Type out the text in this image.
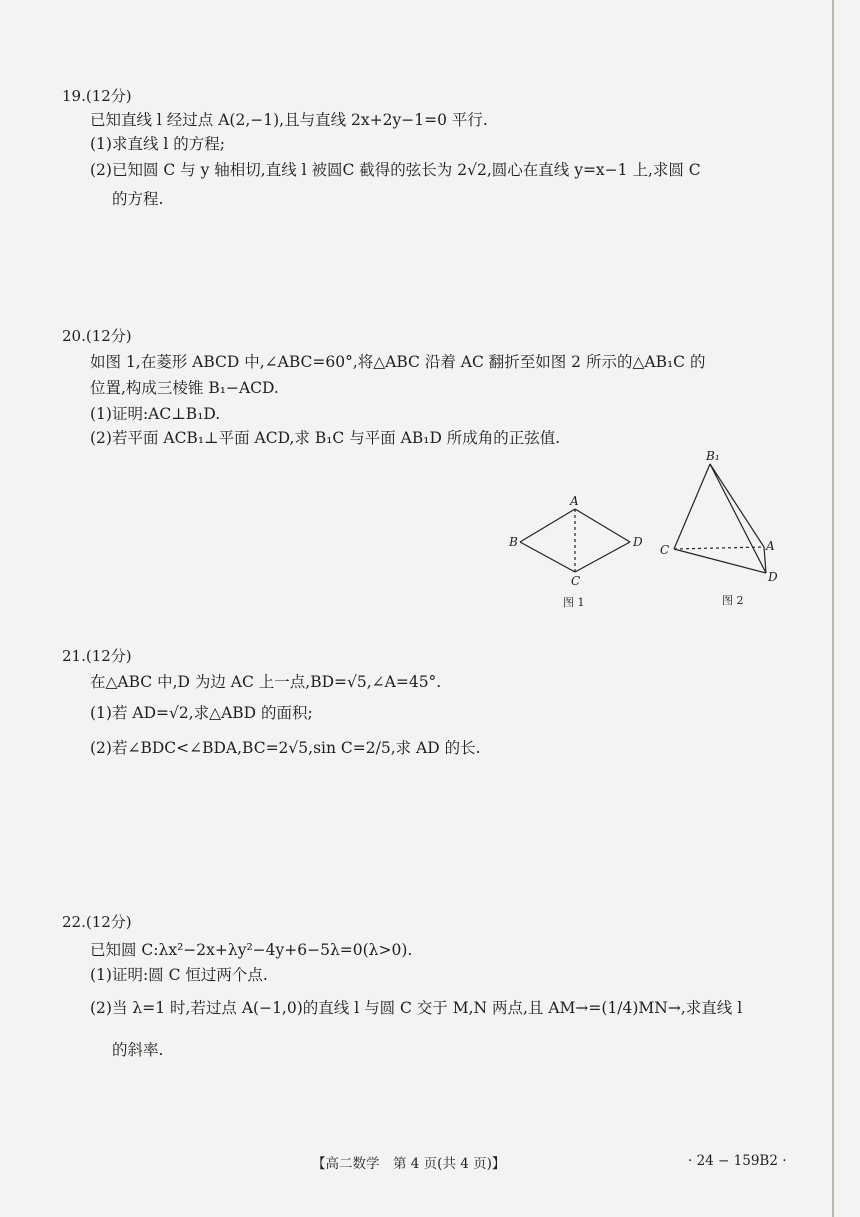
19.(12分)
已知直线 l 经过点 A(2,−1),且与直线 2x+2y−1=0 平行.
(1)求直线 l 的方程;
(2)已知圆 C 与 y 轴相切,直线 l 被圆C 截得的弦长为 2√2,圆心在直线 y=x−1 上,求圆 C
的方程.
20.(12分)
如图 1,在菱形 ABCD 中,∠ABC=60°,将△ABC 沿着 AC 翻折至如图 2 所示的△AB₁C 的
位置,构成三棱锥 B₁−ACD.
(1)证明:AC⊥B₁D.
(2)若平面 ACB₁⊥平面 ACD,求 B₁C 与平面 AB₁D 所成角的正弦值.
A
B	D
C
图 1
B₁
C	A
D
图 2
21.(12分)
在△ABC 中,D 为边 AC 上一点,BD=√5,∠A=45°.
(1)若 AD=√2,求△ABD 的面积;
(2)若∠BDC<∠BDA,BC=2√5,sin C=2/5,求 AD 的长.
22.(12分)
已知圆 C:λx²−2x+λy²−4y+6−5λ=0(λ>0).
(1)证明:圆 C 恒过两个点.
(2)当 λ=1 时,若过点 A(−1,0)的直线 l 与圆 C 交于 M,N 两点,且 AM→=(1/4)MN→,求直线 l
的斜率.
【高二数学　第 4 页(共 4 页)】	· 24 − 159B2 ·
